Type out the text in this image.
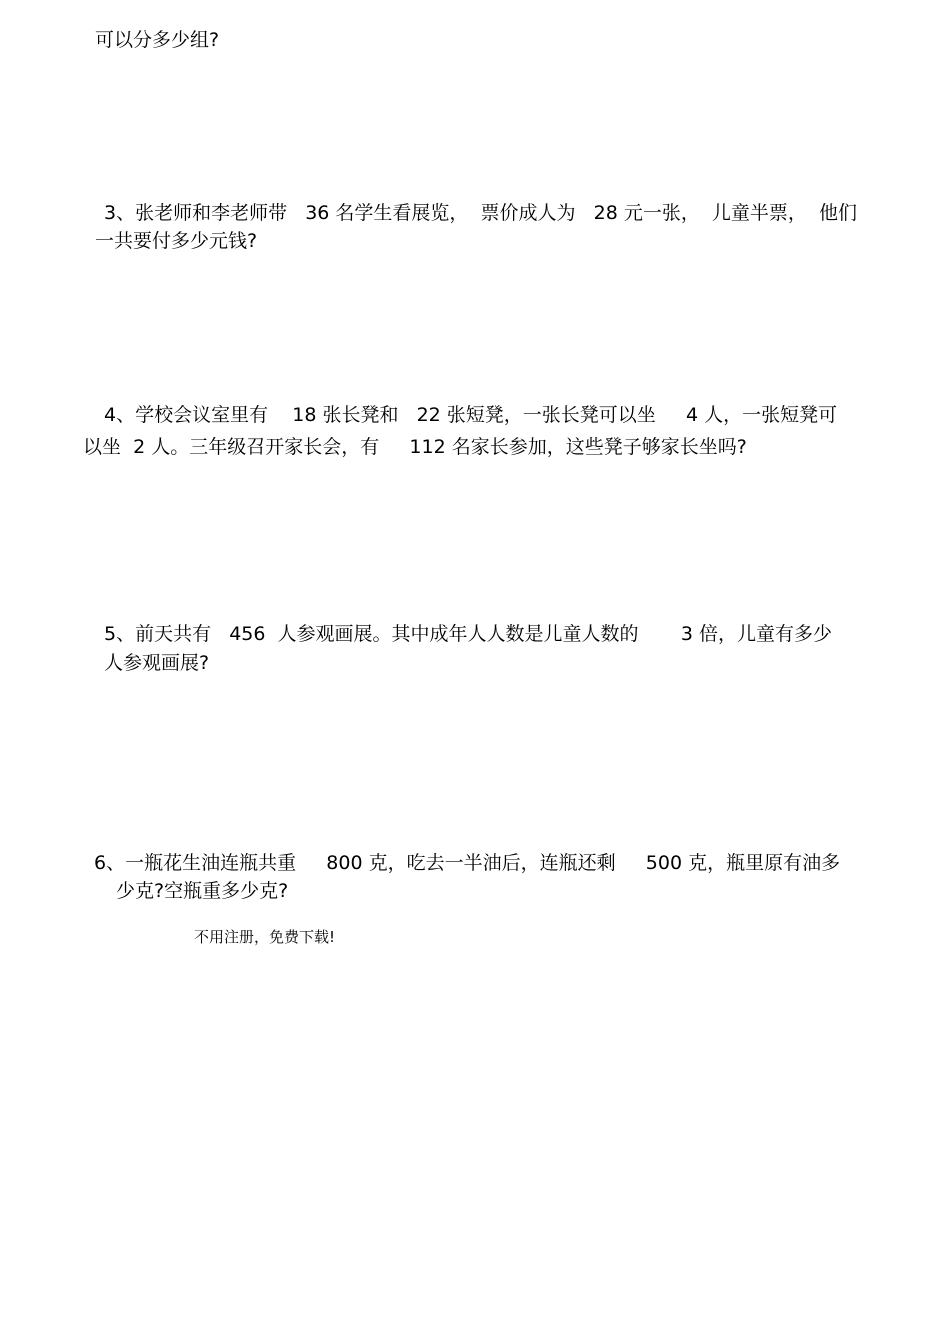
可以分多少组?
3、张老师和李老师带   36 名学生看展览，  票价成人为   28 元一张，  儿童半票，  他们
一共要付多少元钱?
4、学校会议室里有    18 张长凳和   22 张短凳，一张长凳可以坐     4 人，一张短凳可
以坐  2 人。三年级召开家长会，有     112 名家长参加，这些凳子够家长坐吗?
5、前天共有   456  人参观画展。其中成年人人数是儿童人数的       3 倍，儿童有多少
人参观画展?
6、一瓶花生油连瓶共重     800 克，吃去一半油后，连瓶还剩     500 克，瓶里原有油多
少克?空瓶重多少克?
不用注册，免费下载!
